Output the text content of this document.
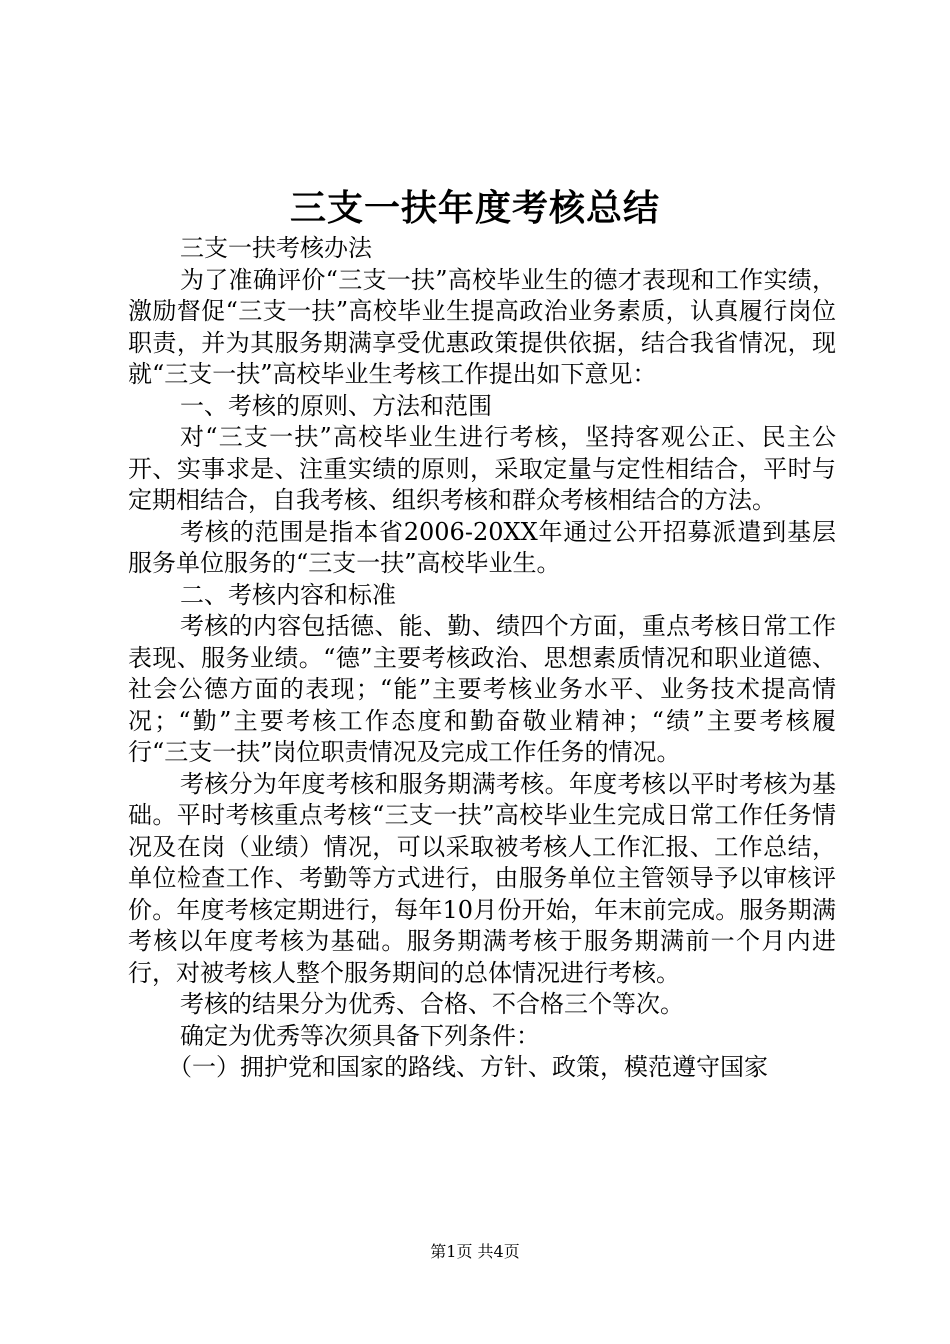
三支一扶年度考核总结

三支一扶考核办法

为了准确评价“三支一扶”高校毕业生的德才表现和工作实绩，激励督促“三支一扶”高校毕业生提高政治业务素质，认真履行岗位职责，并为其服务期满享受优惠政策提供依据，结合我省情况，现就“三支一扶”高校毕业生考核工作提出如下意见：

一、考核的原则、方法和范围

对“三支一扶”高校毕业生进行考核，坚持客观公正、民主公开、实事求是、注重实绩的原则，采取定量与定性相结合，平时与定期相结合，自我考核、组织考核和群众考核相结合的方法。

考核的范围是指本省2006-20XX年通过公开招募派遣到基层服务单位服务的“三支一扶”高校毕业生。

二、考核内容和标准

考核的内容包括德、能、勤、绩四个方面，重点考核日常工作表现、服务业绩。“德”主要考核政治、思想素质情况和职业道德、社会公德方面的表现；“能”主要考核业务水平、业务技术提高情况；“勤”主要考核工作态度和勤奋敬业精神；“绩”主要考核履行“三支一扶”岗位职责情况及完成工作任务的情况。

考核分为年度考核和服务期满考核。年度考核以平时考核为基础。平时考核重点考核“三支一扶”高校毕业生完成日常工作任务情况及在岗（业绩）情况，可以采取被考核人工作汇报、工作总结，单位检查工作、考勤等方式进行，由服务单位主管领导予以审核评价。年度考核定期进行，每年10月份开始，年末前完成。服务期满考核以年度考核为基础。服务期满考核于服务期满前一个月内进行，对被考核人整个服务期间的总体情况进行考核。

考核的结果分为优秀、合格、不合格三个等次。

确定为优秀等次须具备下列条件：

（一）拥护党和国家的路线、方针、政策，模范遵守国家

第1页 共4页
